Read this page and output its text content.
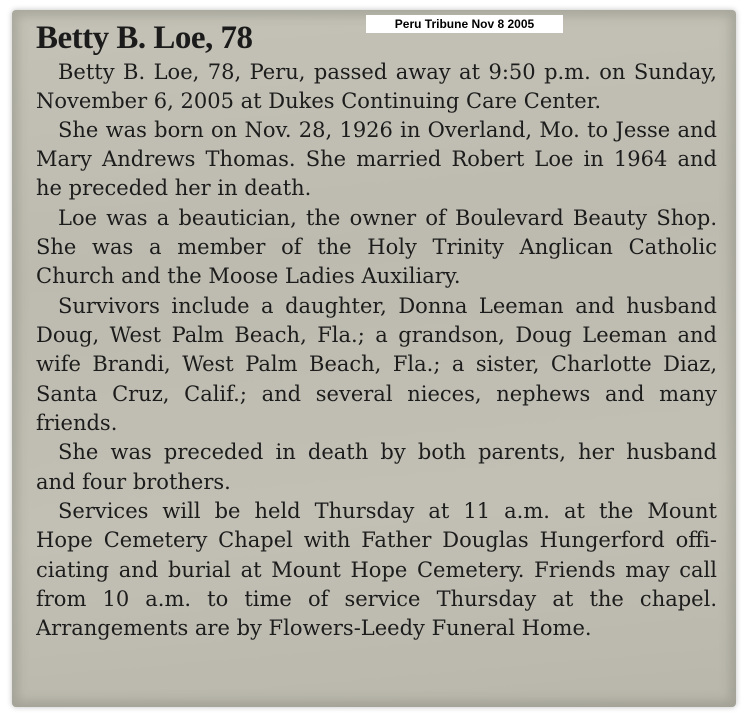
Peru Tribune Nov 8 2005
Betty B. Loe, 78
Betty B. Loe, 78, Peru, passed away at 9:50 p.m. on Sunday,
November 6, 2005 at Dukes Continuing Care Center.
She was born on Nov. 28, 1926 in Overland, Mo. to Jesse and
Mary Andrews Thomas. She married Robert Loe in 1964 and
he preceded her in death.
Loe was a beautician, the owner of Boulevard Beauty Shop.
She was a member of the Holy Trinity Anglican Catholic
Church and the Moose Ladies Auxiliary.
Survivors include a daughter, Donna Leeman and husband
Doug, West Palm Beach, Fla.; a grandson, Doug Leeman and
wife Brandi, West Palm Beach, Fla.; a sister, Charlotte Diaz,
Santa Cruz, Calif.; and several nieces, nephews and many
friends.
She was preceded in death by both parents, her husband
and four brothers.
Services will be held Thursday at 11 a.m. at the Mount
Hope Cemetery Chapel with Father Douglas Hungerford offi-
ciating and burial at Mount Hope Cemetery. Friends may call
from 10 a.m. to time of service Thursday at the chapel.
Arrangements are by Flowers-Leedy Funeral Home.
